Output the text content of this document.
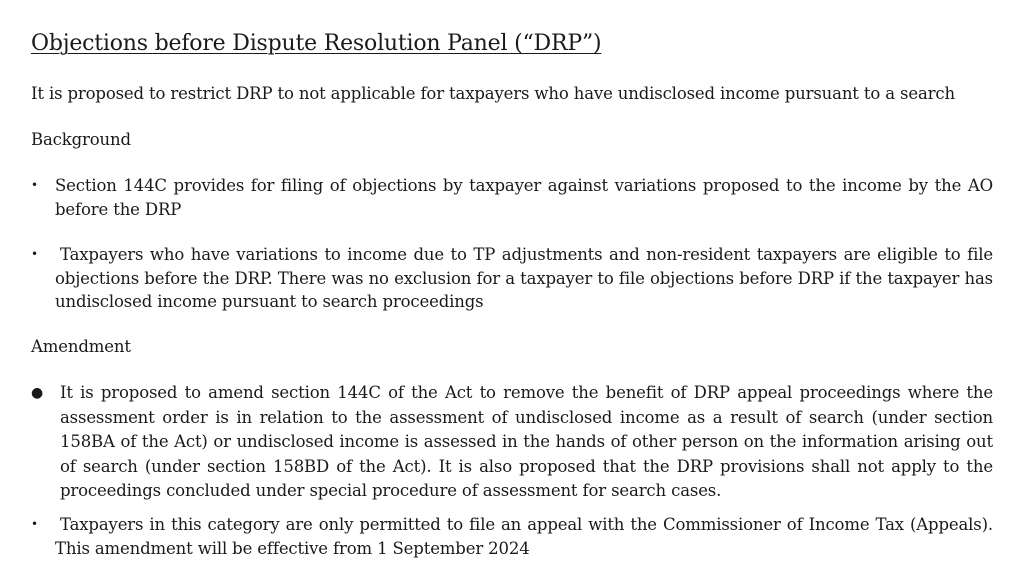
Objections before Dispute Resolution Panel (“DRP”)
It is proposed to restrict DRP to not applicable for taxpayers who have undisclosed income pursuant to a search
Background
•	Section 144C provides for filing of objections by taxpayer against variations proposed to the income by the AO before the DRP
•	Taxpayers who have variations to income due to TP adjustments and non-resident taxpayers are eligible to file objections before the DRP. There was no exclusion for a taxpayer to file objections before DRP if the taxpayer has undisclosed income pursuant to search proceedings
Amendment
●	It is proposed to amend section 144C of the Act to remove the benefit of DRP appeal proceedings where the assessment order is in relation to the assessment of undisclosed income as a result of search (under section 158BA of the Act) or undisclosed income is assessed in the hands of other person on the information arising out of search (under section 158BD of the Act). It is also proposed that the DRP provisions shall not apply to the proceedings concluded under special procedure of assessment for search cases.
•	Taxpayers in this category are only permitted to file an appeal with the Commissioner of Income Tax (Appeals). This amendment will be effective from 1 September 2024
